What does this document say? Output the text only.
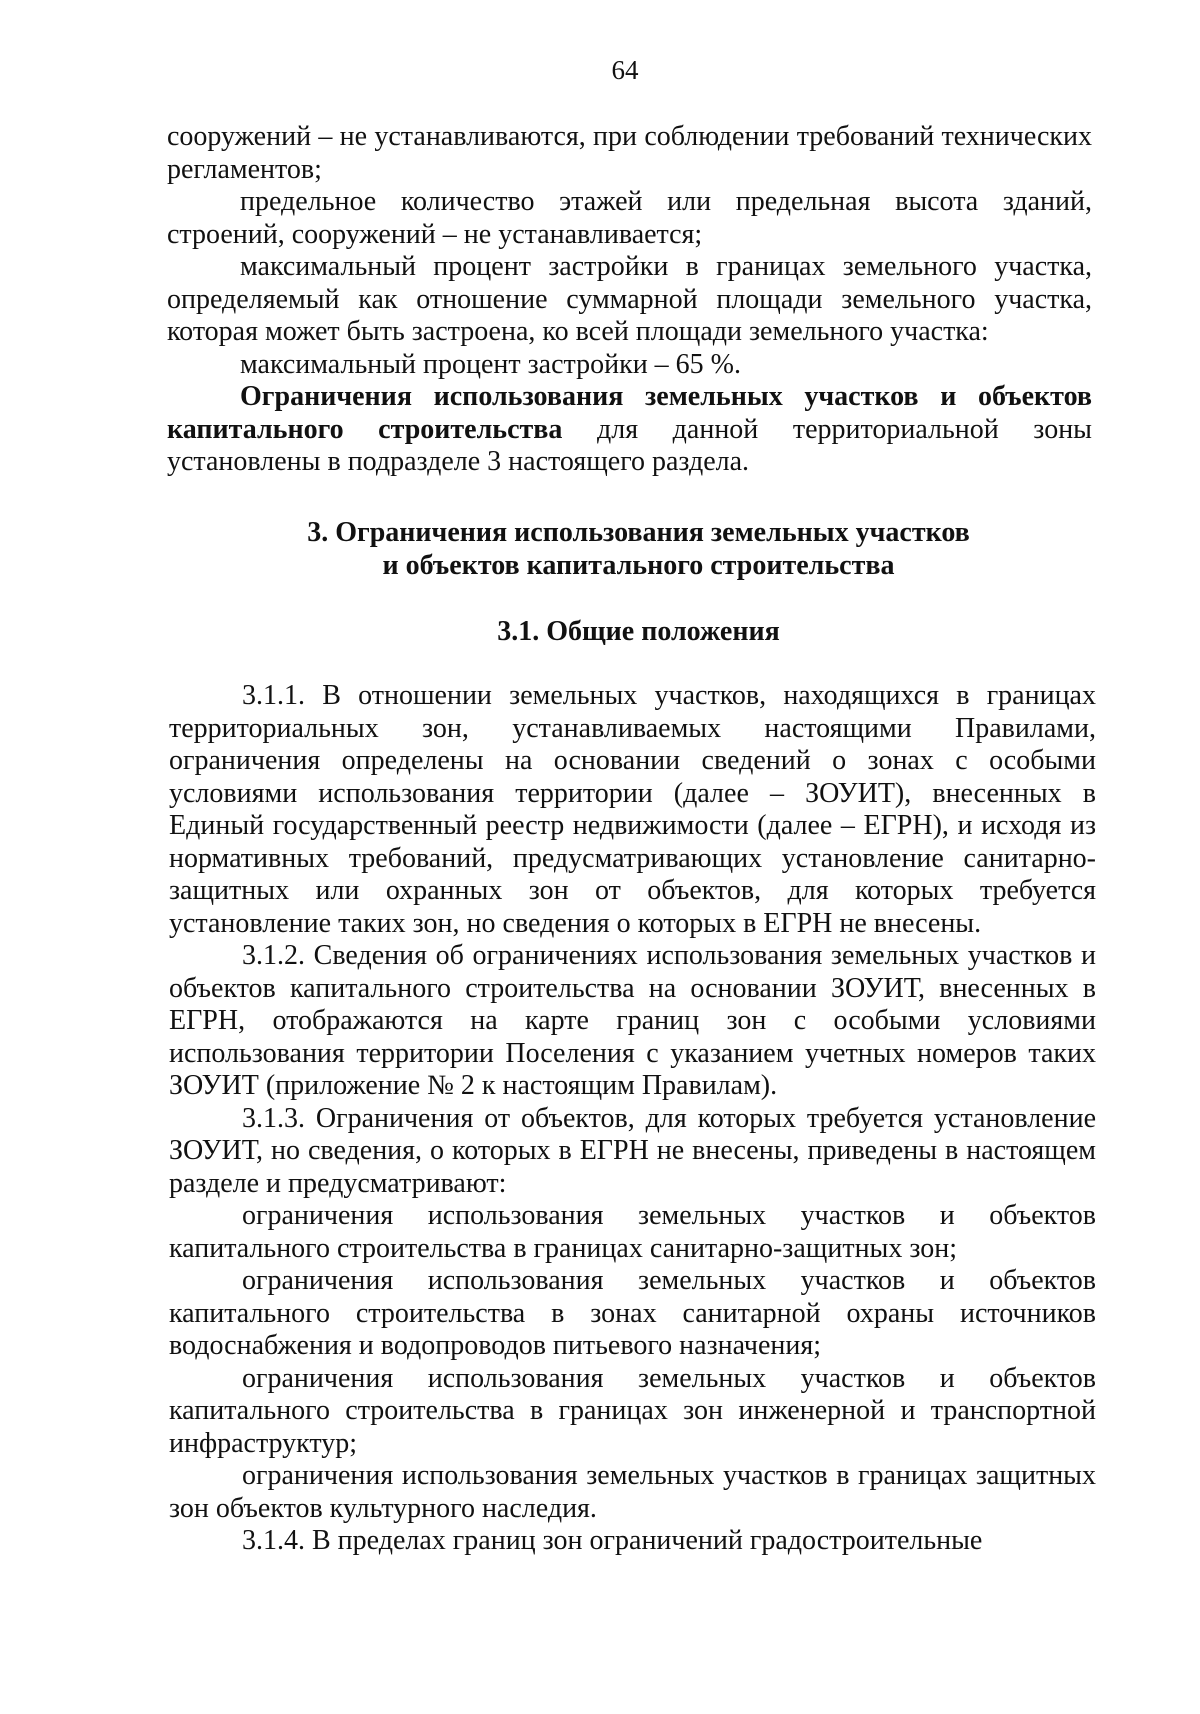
64

сооружений – не устанавливаются, при соблюдении требований технических регламентов;

предельное количество этажей или предельная высота зданий, строений, сооружений – не устанавливается;

максимальный процент застройки в границах земельного участка, определяемый как отношение суммарной площади земельного участка, которая может быть застроена, ко всей площади земельного участка:

максимальный процент застройки – 65 %.

Ограничения использования земельных участков и объектов капитального строительства для данной территориальной зоны установлены в подразделе 3 настоящего раздела.

3. Ограничения использования земельных участков

и объектов капитального строительства

3.1. Общие положения

3.1.1. В отношении земельных участков, находящихся в границах территориальных зон, устанавливаемых настоящими Правилами, ограничения определены на основании сведений о зонах с особыми условиями использования территории (далее – ЗОУИТ), внесенных в Единый государственный реестр недвижимости (далее – ЕГРН), и исходя из нормативных требований, предусматривающих установление санитарно-защитных или охранных зон от объектов, для которых требуется установление таких зон, но сведения о которых в ЕГРН не внесены.

3.1.2. Сведения об ограничениях использования земельных участков и объектов капитального строительства на основании ЗОУИТ, внесенных в ЕГРН, отображаются на карте границ зон с особыми условиями использования территории Поселения с указанием учетных номеров таких ЗОУИТ (приложение № 2 к настоящим Правилам).

3.1.3. Ограничения от объектов, для которых требуется установление ЗОУИТ, но сведения, о которых в ЕГРН не внесены, приведены в настоящем разделе и предусматривают:

ограничения использования земельных участков и объектов капитального строительства в границах санитарно-защитных зон;

ограничения использования земельных участков и объектов капитального строительства в зонах санитарной охраны источников водоснабжения и водопроводов питьевого назначения;

ограничения использования земельных участков и объектов капитального строительства в границах зон инженерной и транспортной инфраструктур;

ограничения использования земельных участков в границах защитных зон объектов культурного наследия.

3.1.4. В пределах границ зон ограничений градостроительные
